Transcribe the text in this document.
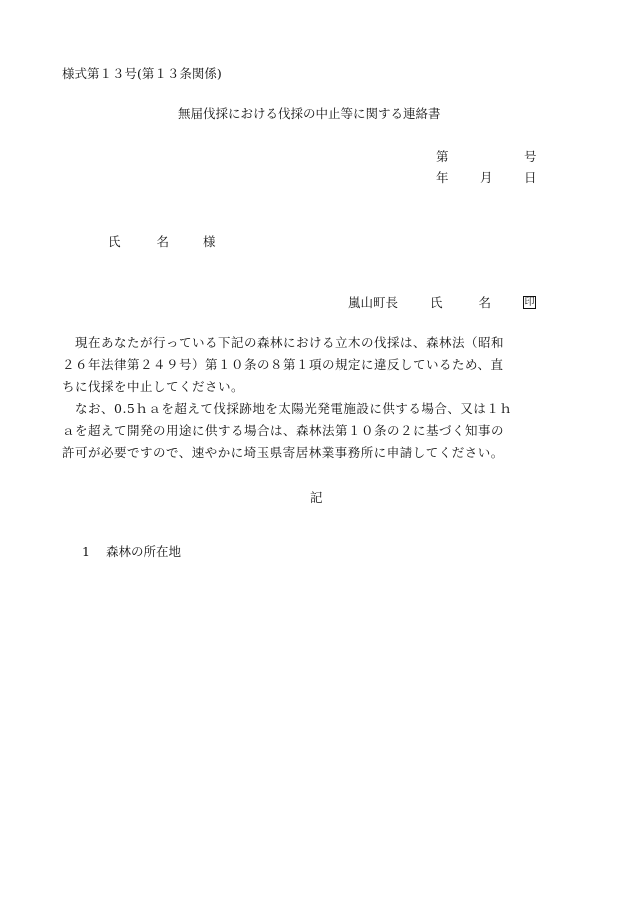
様式第１３号(第１３条関係)
無届伐採における伐採の中止等に関する連絡書
第	号
年	月	日
氏	名	様
嵐山町長	氏	名	印

　現在あなたが行っている下記の森林における立木の伐採は、森林法（昭和
２６年法律第２４９号）第１０条の８第１項の規定に違反しているため、直
ちに伐採を中止してください。

　なお、0.5ｈａを超えて伐採跡地を太陽光発電施設に供する場合、又は１ｈ
ａを超えて開発の用途に供する場合は、森林法第１０条の２に基づく知事の
許可が必要ですので、速やかに埼玉県寄居林業事務所に申請してください。

記
1 森林の所在地
